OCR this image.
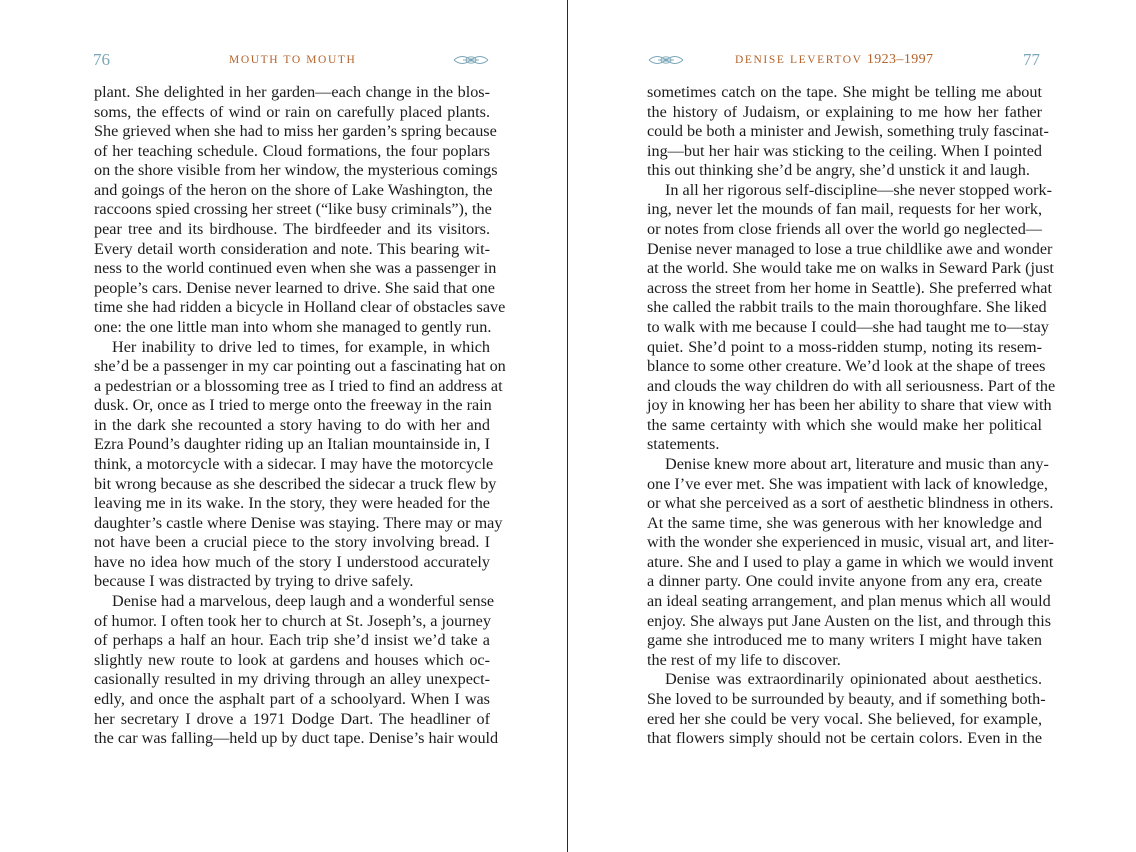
76	MOUTH TO MOUTH
plant. She delighted in her garden—each change in the blos-
soms, the effects of wind or rain on carefully placed plants.
She grieved when she had to miss her garden’s spring because
of her teaching schedule. Cloud formations, the four poplars
on the shore visible from her window, the mysterious comings
and goings of the heron on the shore of Lake Washington, the
raccoons spied crossing her street (“like busy criminals”), the
pear tree and its birdhouse. The birdfeeder and its visitors.
Every detail worth consideration and note. This bearing wit-
ness to the world continued even when she was a passenger in
people’s cars. Denise never learned to drive. She said that one
time she had ridden a bicycle in Holland clear of obstacles save
one: the one little man into whom she managed to gently run.
Her inability to drive led to times, for example, in which
she’d be a passenger in my car pointing out a fascinating hat on
a pedestrian or a blossoming tree as I tried to find an address at
dusk. Or, once as I tried to merge onto the freeway in the rain
in the dark she recounted a story having to do with her and
Ezra Pound’s daughter riding up an Italian mountainside in, I
think, a motorcycle with a sidecar. I may have the motorcycle
bit wrong because as she described the sidecar a truck flew by
leaving me in its wake. In the story, they were headed for the
daughter’s castle where Denise was staying. There may or may
not have been a crucial piece to the story involving bread. I
have no idea how much of the story I understood accurately
because I was distracted by trying to drive safely.
Denise had a marvelous, deep laugh and a wonderful sense
of humor. I often took her to church at St. Joseph’s, a journey
of perhaps a half an hour. Each trip she’d insist we’d take a
slightly new route to look at gardens and houses which oc-
casionally resulted in my driving through an alley unexpect-
edly, and once the asphalt part of a schoolyard. When I was
her secretary I drove a 1971 Dodge Dart. The headliner of
the car was falling—held up by duct tape. Denise’s hair would
DENISE LEVERTOV 1923–1997	77
sometimes catch on the tape. She might be telling me about
the history of Judaism, or explaining to me how her father
could be both a minister and Jewish, something truly fascinat-
ing—but her hair was sticking to the ceiling. When I pointed
this out thinking she’d be angry, she’d unstick it and laugh.
In all her rigorous self-discipline—she never stopped work-
ing, never let the mounds of fan mail, requests for her work,
or notes from close friends all over the world go neglected—
Denise never managed to lose a true childlike awe and wonder
at the world. She would take me on walks in Seward Park (just
across the street from her home in Seattle). She preferred what
she called the rabbit trails to the main thoroughfare. She liked
to walk with me because I could—she had taught me to—stay
quiet. She’d point to a moss-ridden stump, noting its resem-
blance to some other creature. We’d look at the shape of trees
and clouds the way children do with all seriousness. Part of the
joy in knowing her has been her ability to share that view with
the same certainty with which she would make her political
statements.
Denise knew more about art, literature and music than any-
one I’ve ever met. She was impatient with lack of knowledge,
or what she perceived as a sort of aesthetic blindness in others.
At the same time, she was generous with her knowledge and
with the wonder she experienced in music, visual art, and liter-
ature. She and I used to play a game in which we would invent
a dinner party. One could invite anyone from any era, create
an ideal seating arrangement, and plan menus which all would
enjoy. She always put Jane Austen on the list, and through this
game she introduced me to many writers I might have taken
the rest of my life to discover.
Denise was extraordinarily opinionated about aesthetics.
She loved to be surrounded by beauty, and if something both-
ered her she could be very vocal. She believed, for example,
that flowers simply should not be certain colors. Even in the
